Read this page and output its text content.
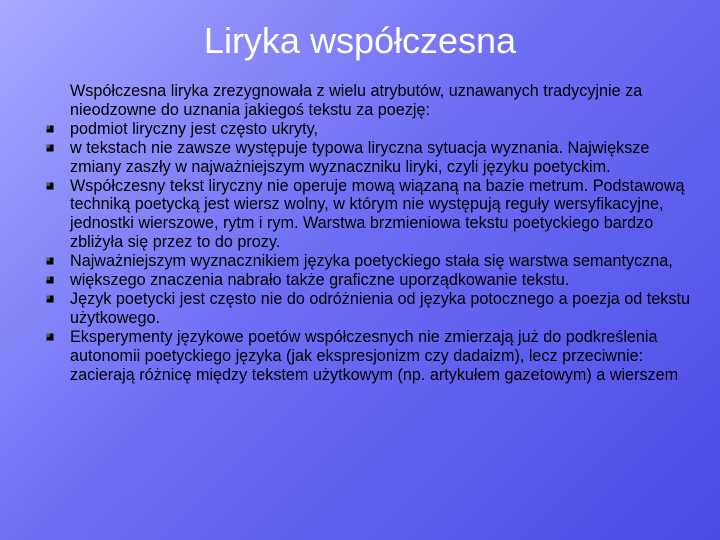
Liryka współczesna
Współczesna liryka zrezygnowała z wielu atrybutów, uznawanych tradycyjnie za nieodzowne do uznania jakiegoś tekstu za poezję:
podmiot liryczny jest często ukryty,
w tekstach nie zawsze występuje typowa liryczna sytuacja wyznania. Największe zmiany zaszły w najważniejszym wyznaczniku liryki, czyli języku poetyckim.
Współczesny tekst liryczny nie operuje mową wiązaną na bazie metrum. Podstawową techniką poetycką jest wiersz wolny, w którym nie występują reguły wersyfikacyjne, jednostki wierszowe, rytm i rym. Warstwa brzmieniowa tekstu poetyckiego bardzo zbliżyła się przez to do prozy.
Najważniejszym wyznacznikiem języka poetyckiego stała się warstwa semantyczna,
większego znaczenia nabrało także graficzne uporządkowanie tekstu.
Język poetycki jest często nie do odróżnienia od języka potocznego a poezja od tekstu użytkowego.
Eksperymenty językowe poetów współczesnych nie zmierzają już do podkreślenia autonomii poetyckiego języka (jak ekspresjonizm czy dadaizm), lecz przeciwnie: zacierają różnicę między tekstem użytkowym (np. artykułem gazetowym) a wierszem
